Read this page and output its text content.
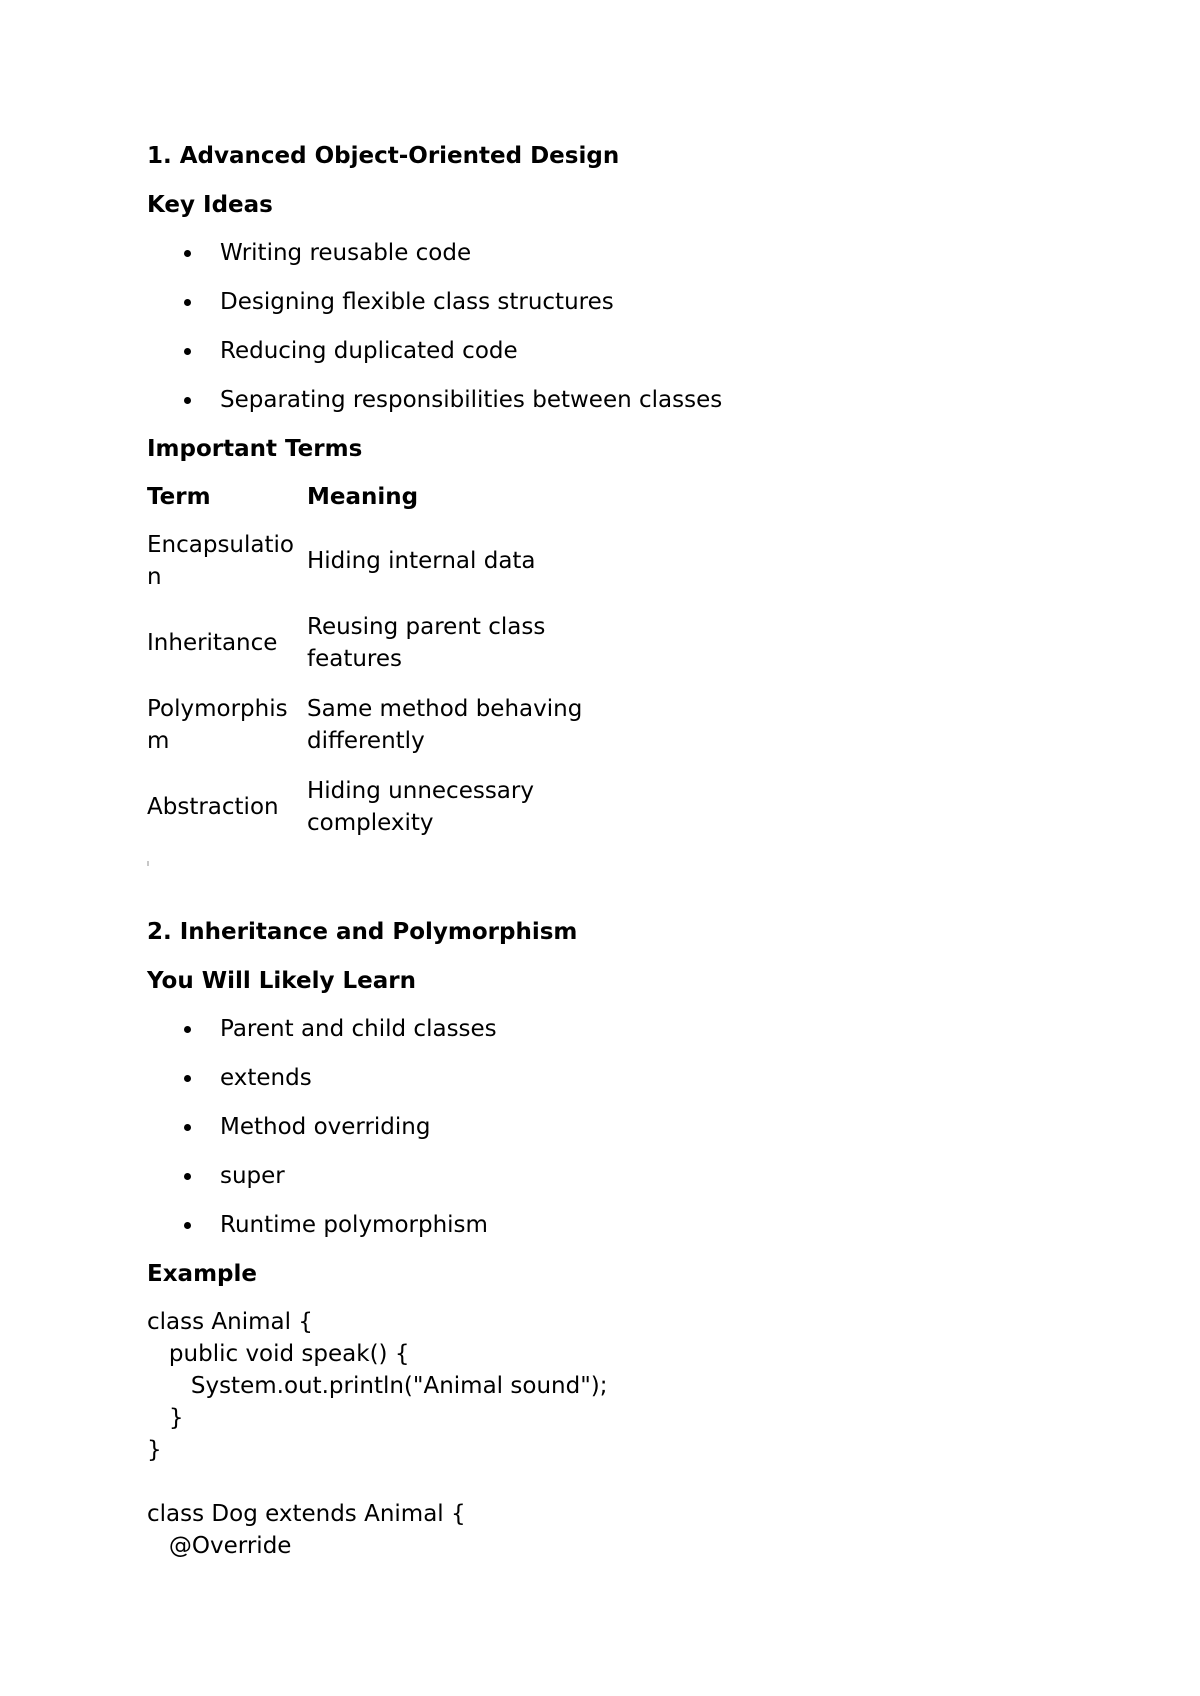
1. Advanced Object-Oriented Design
Key Ideas
Writing reusable code
Designing flexible class structures
Reducing duplicated code
Separating responsibilities between classes
Important Terms
Term	Meaning
Encapsulation	Hiding internal data
Inheritance	Reusing parent class features
Polymorphism	Same method behaving differently
Abstraction	Hiding unnecessary complexity
2. Inheritance and Polymorphism
You Will Likely Learn
Parent and child classes
extends
Method overriding
super
Runtime polymorphism
Example
class Animal {
public void speak() {
System.out.println("Animal sound");
}
}
class Dog extends Animal {
@Override
